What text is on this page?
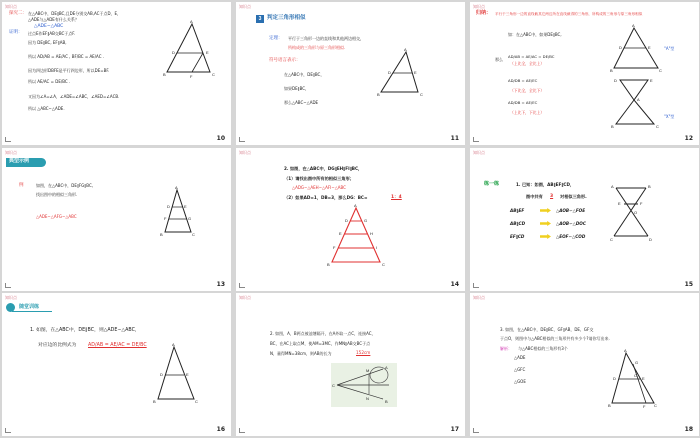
知识点
探究二： 在△ABC中，DE∥BC,且DE分别交AB,AC于点D，E，
△ADE与△ADE有什么关系？
证明：
△ADE∽△ABC
过点E作EF∥AB交BC于点F.
因为 DE∥BC, EF∥AB,
所以 AD/AB = AE/AC , BF/BC = AE/AC .
因为四边形DBFE是平行四边形，所以DE=BF.
所以 AE/AC = DE/BC .
又因为∠A=∠A，∠ADE=∠ABC，∠AED=∠ACB.
所以 △ABC∽△ADE.
A
D	E
B	F	C
10
知识点
3	判定三角形相似
定理： 平行于三角形一边的直线和其他两边相交，
所构成的三角形与原三角形相似.
符号语言表示：
在△ABC中，DE∥BC，
如果DE∥BC，
那么△ABC∽△ADE
A
D	E
B	C
11
知识点
归纳： 平行于三角形一边的直线截其它两边所在直线截得的三角形，所构成的三角形与原三角形相似
如：在△ABC中，如果DE∥BC,
那么
AD/AB = AE/AC = DE/BC
（上比全，全比上）
AD/DB = AE/EC
（下比全，全比下）
AD/DB = AE/EC
（上比下，下比上）
A
D	E
B	C
"A"型
D	E
A
B	C
"X"型
12
知识点
典型示例
例	如图，在△ABC中，DE∥FG∥BC,
找出图中的相似三角形.
△ADE∽△AFG∽△ABC
A
D	E
F	G
B	C
13
知识点
2. 如图，在△ABC中，DG∥EH∥FI∥BC，
（1）请找出图中所有的相似三角形；
△ADG∽△AEH∽△AFI∽△ABC
（2）如果AD=1，DB=3，那么DG：BC=	1：4
A
D	G
E	H
F	I
B	C
14
知识点
练一练	1. 已知：如图，AB∥EF∥CD，
图中共有 3 对相似三角形.
AB∥EF	△AOB∽△FOE
AB∥CD	△AOB∽△DOC
EF∥CD	△EOF∽△COD
A	B
E	F
O
C	D
15
知识点
随堂训练
1. 如图，在△ABC中，DE∥BC，则△ADE∽△ABC，
对应边的比例式为 AD/AB = AE/AC = DE/BC	A
D	E
B	C
16
知识点
2. 如图，A，B两点被池塘隔开，在A外取一点C，连接AC，
BC，在AC上取点M，使AM=3MC，作MN∥AB交BC于点
N，量得MN=38cm，则AB的长为	152cm
C
A
B
M
N
17
知识点
3. 如图，在△ABC中，DE∥BC，GF∥AB，DE、GF交
于点O，则图中与△ABC相似的三角形共有多少个?请你写出来.
解析： 与△ABC相似的三角形有3个
△ADE
△GFC
△GOE
A
D
O
E
G
B	F C
18
